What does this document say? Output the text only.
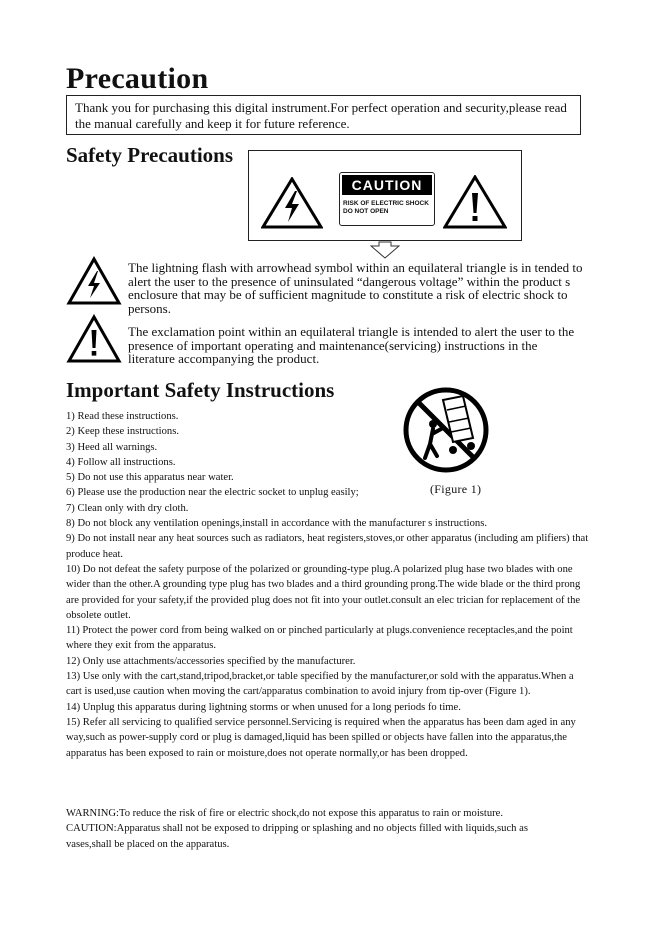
Precaution

Thank you for purchasing this digital instrument.For perfect operation and security,please read the manual carefully and keep it for future reference.

Safety Precautions
CAUTION
RISK OF ELECTRIC SHOCK
DO NOT OPEN

The lightning flash with arrowhead symbol within an equilateral triangle is in tended to alert the user to the presence of uninsulated “dangerous voltage” within the product s enclosure that may be of sufficient magnitude to constitute a risk of electric shock to persons.

The exclamation point within an equilateral triangle is intended to alert the user to the presence of important operating and maintenance(servicing) instructions in the literature accompanying the product.

Important Safety Instructions
(Figure 1)
1) Read these instructions.
2) Keep these instructions.
3) Heed all warnings.
4) Follow all instructions.
5) Do not use this apparatus near water.
6) Please use the production near the electric socket to unplug easily;
7) Clean only with dry cloth.
8) Do not block any ventilation openings,install in accordance with the manufacturer s instructions.
9) Do not install near any heat sources such as radiators, heat registers,stoves,or other apparatus (including am plifiers) that produce heat.
10) Do not defeat the safety purpose of the polarized or grounding-type plug.A polarized plug hase two blades with one wider than the other.A grounding type plug has two blades and a third grounding prong.The wide blade or the third prong are provided for your safety,if the provided plug does not fit into your outlet.consult an elec trician for replacement of the obsolete outlet.
11) Protect the power cord from being walked on or pinched particularly at plugs.convenience receptacles,and the point where they exit from the apparatus.
12) Only use attachments/accessories specified by the manufacturer.
13) Use only with the cart,stand,tripod,bracket,or table specified by the manufacturer,or sold with the apparatus.When a cart is used,use caution when moving the cart/apparatus combination to avoid injury from tip-over (Figure 1).
14) Unplug this apparatus during lightning storms or when unused for a long periods fo time.
15) Refer all servicing to qualified service personnel.Servicing is required when the apparatus has been dam aged in any way,such as power-supply cord or plug is damaged,liquid has been spilled or objects have fallen into the apparatus,the apparatus has been exposed to rain or moisture,does not operate normally,or has been dropped.

WARNING:To reduce the risk of fire or electric shock,do not expose this apparatus to rain or moisture.

CAUTION:Apparatus shall not be exposed to dripping or splashing and no objects filled with liquids,such as vases,shall be placed on the apparatus.
